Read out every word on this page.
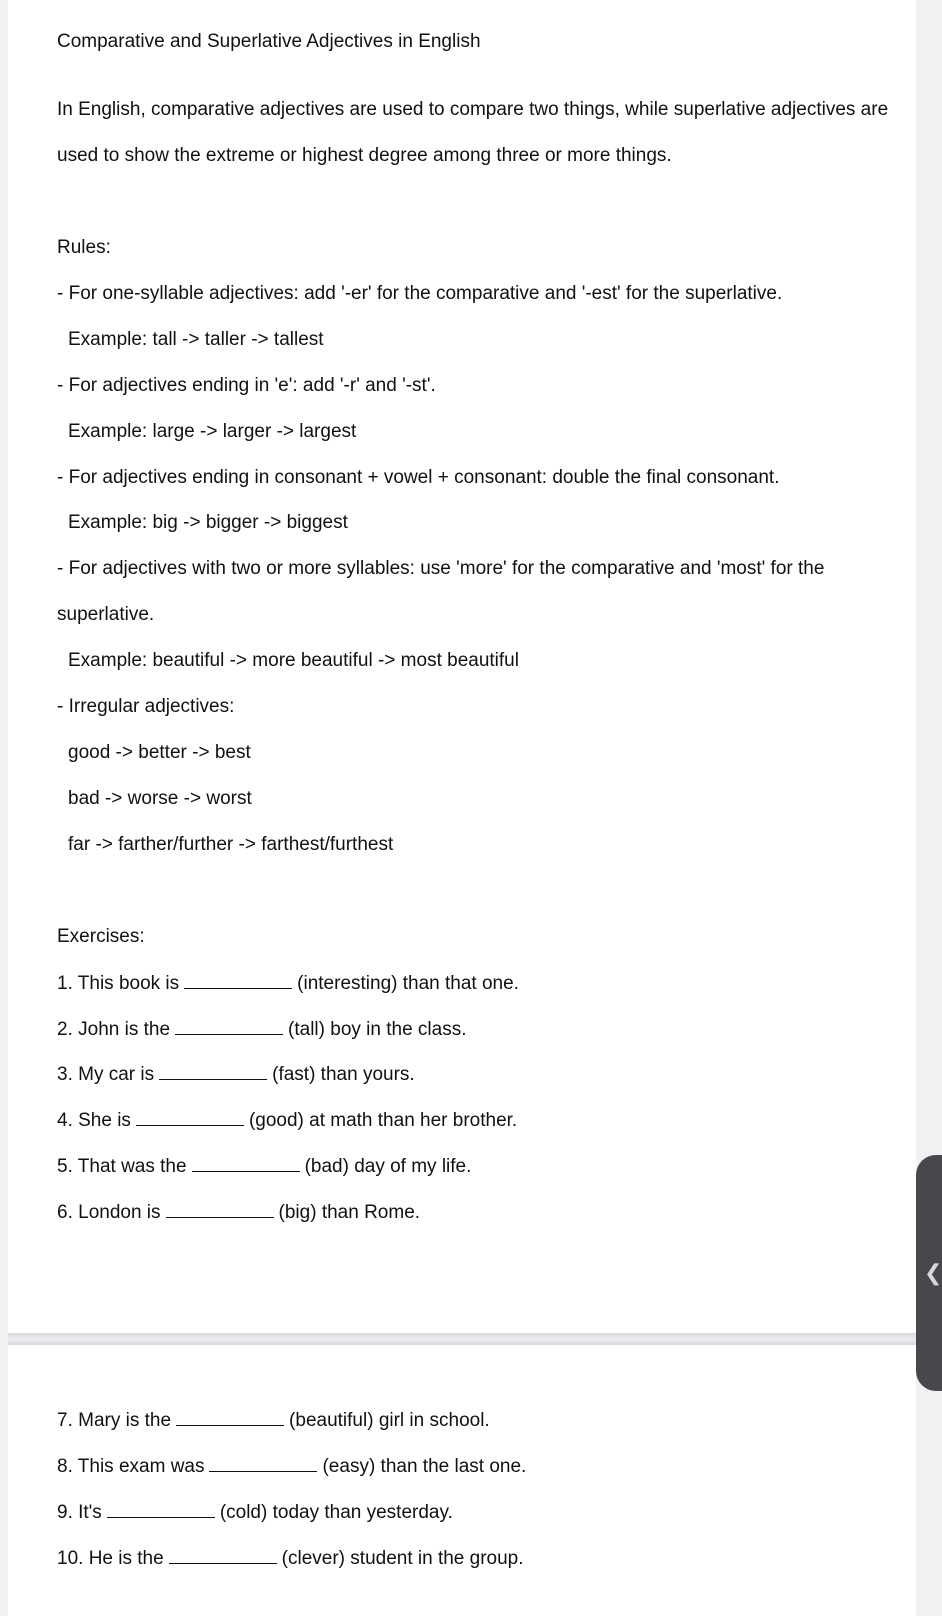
Comparative and Superlative Adjectives in English
In English, comparative adjectives are used to compare two things, while superlative adjectives are
used to show the extreme or highest degree among three or more things.
Rules:
- For one-syllable adjectives: add '-er' for the comparative and '-est' for the superlative.
Example: tall -> taller -> tallest
- For adjectives ending in 'e': add '-r' and '-st'.
Example: large -> larger -> largest
- For adjectives ending in consonant + vowel + consonant: double the final consonant.
Example: big -> bigger -> biggest
- For adjectives with two or more syllables: use 'more' for the comparative and 'most' for the
superlative.
Example: beautiful -> more beautiful -> most beautiful
- Irregular adjectives:
good -> better -> best
bad -> worse -> worst
far -> farther/further -> farthest/furthest
Exercises:
1. This book is	(interesting) than that one.
2. John is the	(tall) boy in the class.
3. My car is	(fast) than yours.
4. She is	(good) at math than her brother.
5. That was the	(bad) day of my life.
6. London is	(big) than Rome.
7. Mary is the	(beautiful) girl in school.
8. This exam was	(easy) than the last one.
9. It's	(cold) today than yesterday.
10. He is the	(clever) student in the group.
❮
